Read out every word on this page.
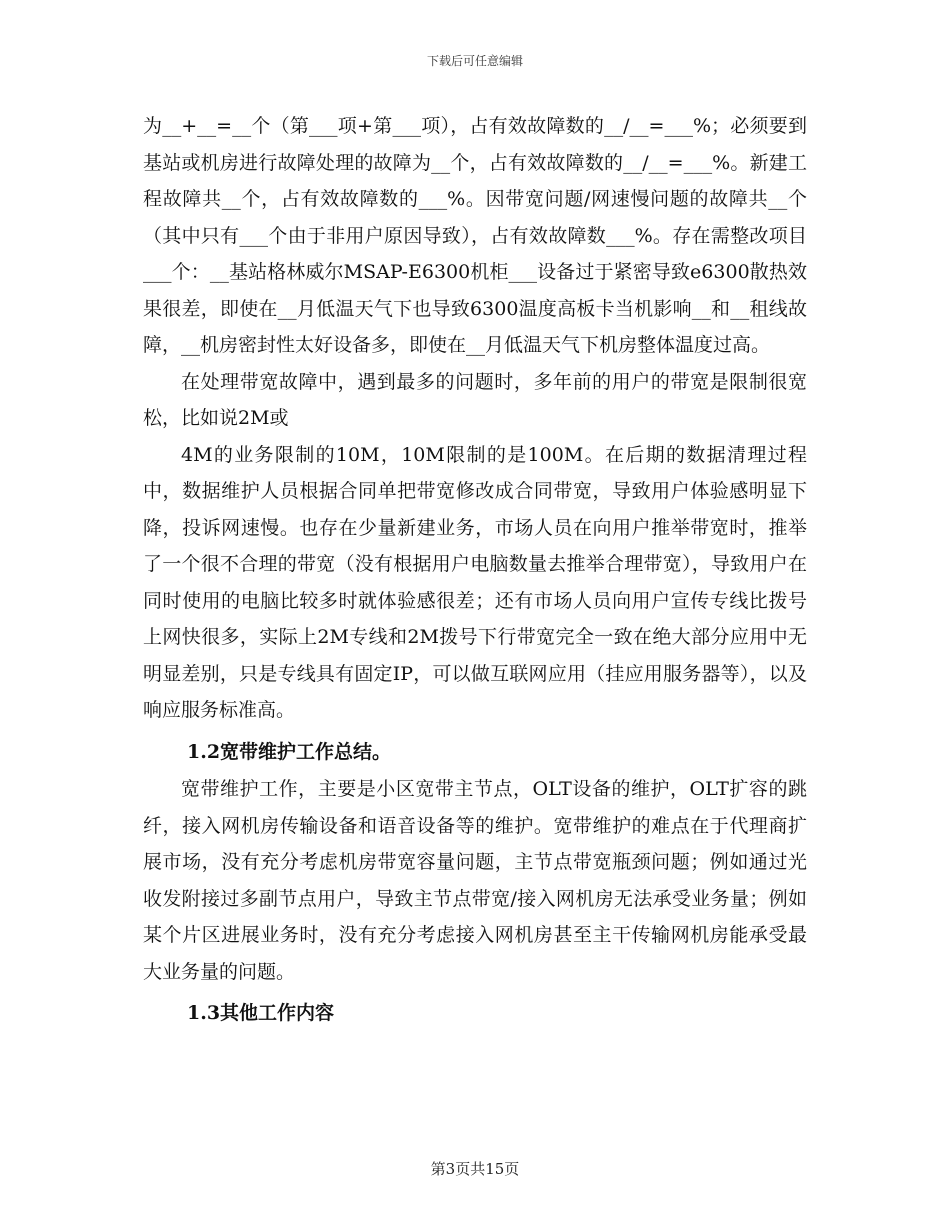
下载后可任意编辑

为__+__=__个（第___项+第___项），占有效故障数的__/__=___%；必须要到基站或机房进行故障处理的故障为__个，占有效故障数的__/__=___%。新建工程故障共__个，占有效故障数的___%。因带宽问题/网速慢问题的故障共__个（其中只有___个由于非用户原因导致），占有效故障数___%。存在需整改项目___个：__基站格林威尔MSAP-E6300机柜___设备过于紧密导致e6300散热效果很差，即使在__月低温天气下也导致6300温度高板卡当机影响__和__租线故障，__机房密封性太好设备多，即使在__月低温天气下机房整体温度过高。

在处理带宽故障中，遇到最多的问题时，多年前的用户的带宽是限制很宽松，比如说2M或

4M的业务限制的10M，10M限制的是100M。在后期的数据清理过程中，数据维护人员根据合同单把带宽修改成合同带宽，导致用户体验感明显下降，投诉网速慢。也存在少量新建业务，市场人员在向用户推举带宽时，推举了一个很不合理的带宽（没有根据用户电脑数量去推举合理带宽），导致用户在同时使用的电脑比较多时就体验感很差；还有市场人员向用户宣传专线比拨号上网快很多，实际上2M专线和2M拨号下行带宽完全一致在绝大部分应用中无明显差别，只是专线具有固定IP，可以做互联网应用（挂应用服务器等），以及响应服务标准高。

1.2宽带维护工作总结。

宽带维护工作，主要是小区宽带主节点，OLT设备的维护，OLT扩容的跳纤，接入网机房传输设备和语音设备等的维护。宽带维护的难点在于代理商扩展市场，没有充分考虑机房带宽容量问题，主节点带宽瓶颈问题；例如通过光收发附接过多副节点用户，导致主节点带宽/接入网机房无法承受业务量；例如某个片区进展业务时，没有充分考虑接入网机房甚至主干传输网机房能承受最大业务量的问题。

1.3其他工作内容

第3页共15页
